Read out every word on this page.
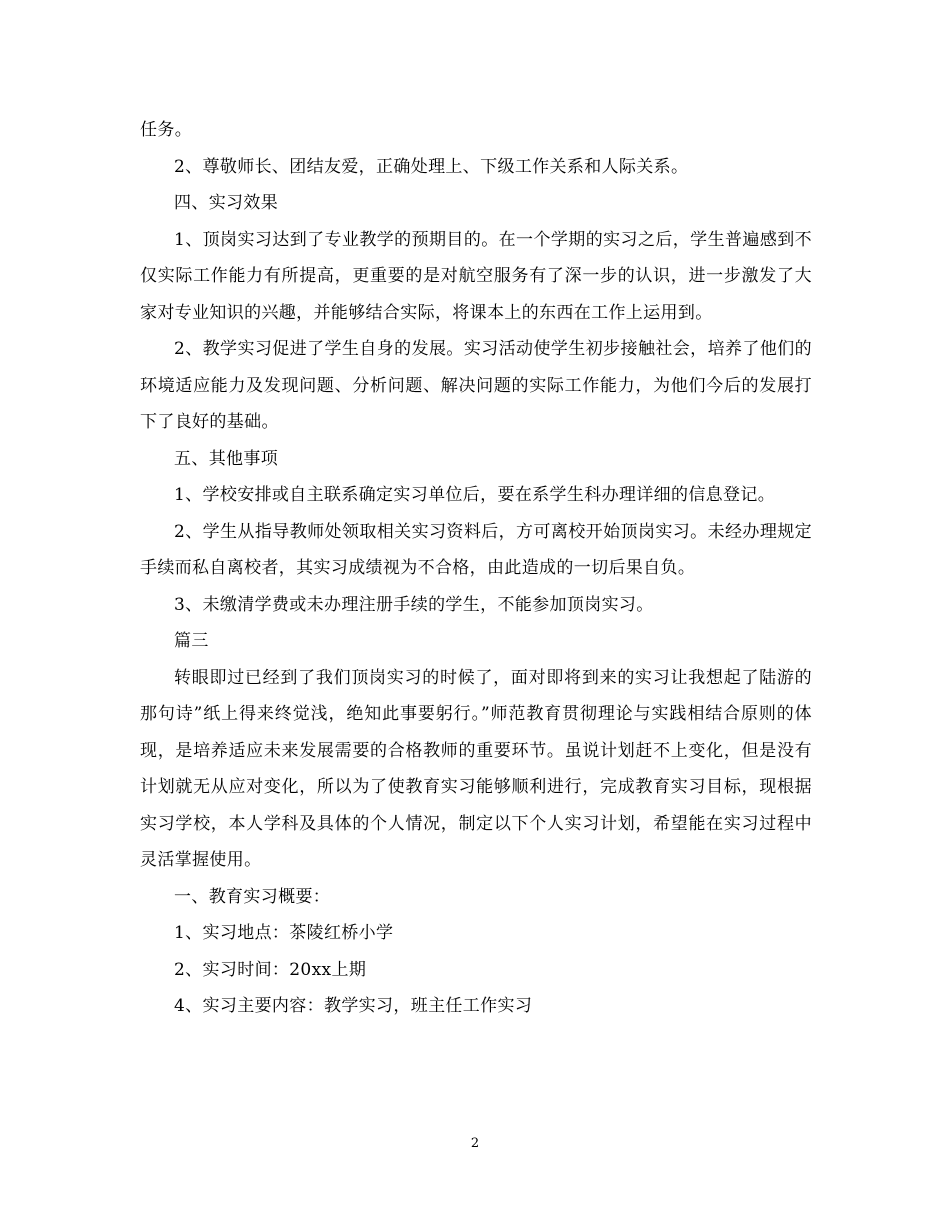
任务。

2、尊敬师长、团结友爱，正确处理上、下级工作关系和人际关系。

四、实习效果

1、顶岗实习达到了专业教学的预期目的。在一个学期的实习之后，学生普遍感到不仅实际工作能力有所提高，更重要的是对航空服务有了深一步的认识，进一步激发了大家对专业知识的兴趣，并能够结合实际，将课本上的东西在工作上运用到。

2、教学实习促进了学生自身的发展。实习活动使学生初步接触社会，培养了他们的环境适应能力及发现问题、分析问题、解决问题的实际工作能力，为他们今后的发展打下了良好的基础。

五、其他事项

1、学校安排或自主联系确定实习单位后，要在系学生科办理详细的信息登记。

2、学生从指导教师处领取相关实习资料后，方可离校开始顶岗实习。未经办理规定手续而私自离校者，其实习成绩视为不合格，由此造成的一切后果自负。

3、未缴清学费或未办理注册手续的学生，不能参加顶岗实习。

篇三

转眼即过已经到了我们顶岗实习的时候了，面对即将到来的实习让我想起了陆游的那句诗”纸上得来终觉浅，绝知此事要躬行。”师范教育贯彻理论与实践相结合原则的体现，是培养适应未来发展需要的合格教师的重要环节。虽说计划赶不上变化，但是没有计划就无从应对变化，所以为了使教育实习能够顺利进行，完成教育实习目标，现根据实习学校，本人学科及具体的个人情况，制定以下个人实习计划，希望能在实习过程中灵活掌握使用。

一、教育实习概要：

1、实习地点：茶陵红桥小学

2、实习时间：20xx上期

4、实习主要内容：教学实习，班主任工作实习

2
